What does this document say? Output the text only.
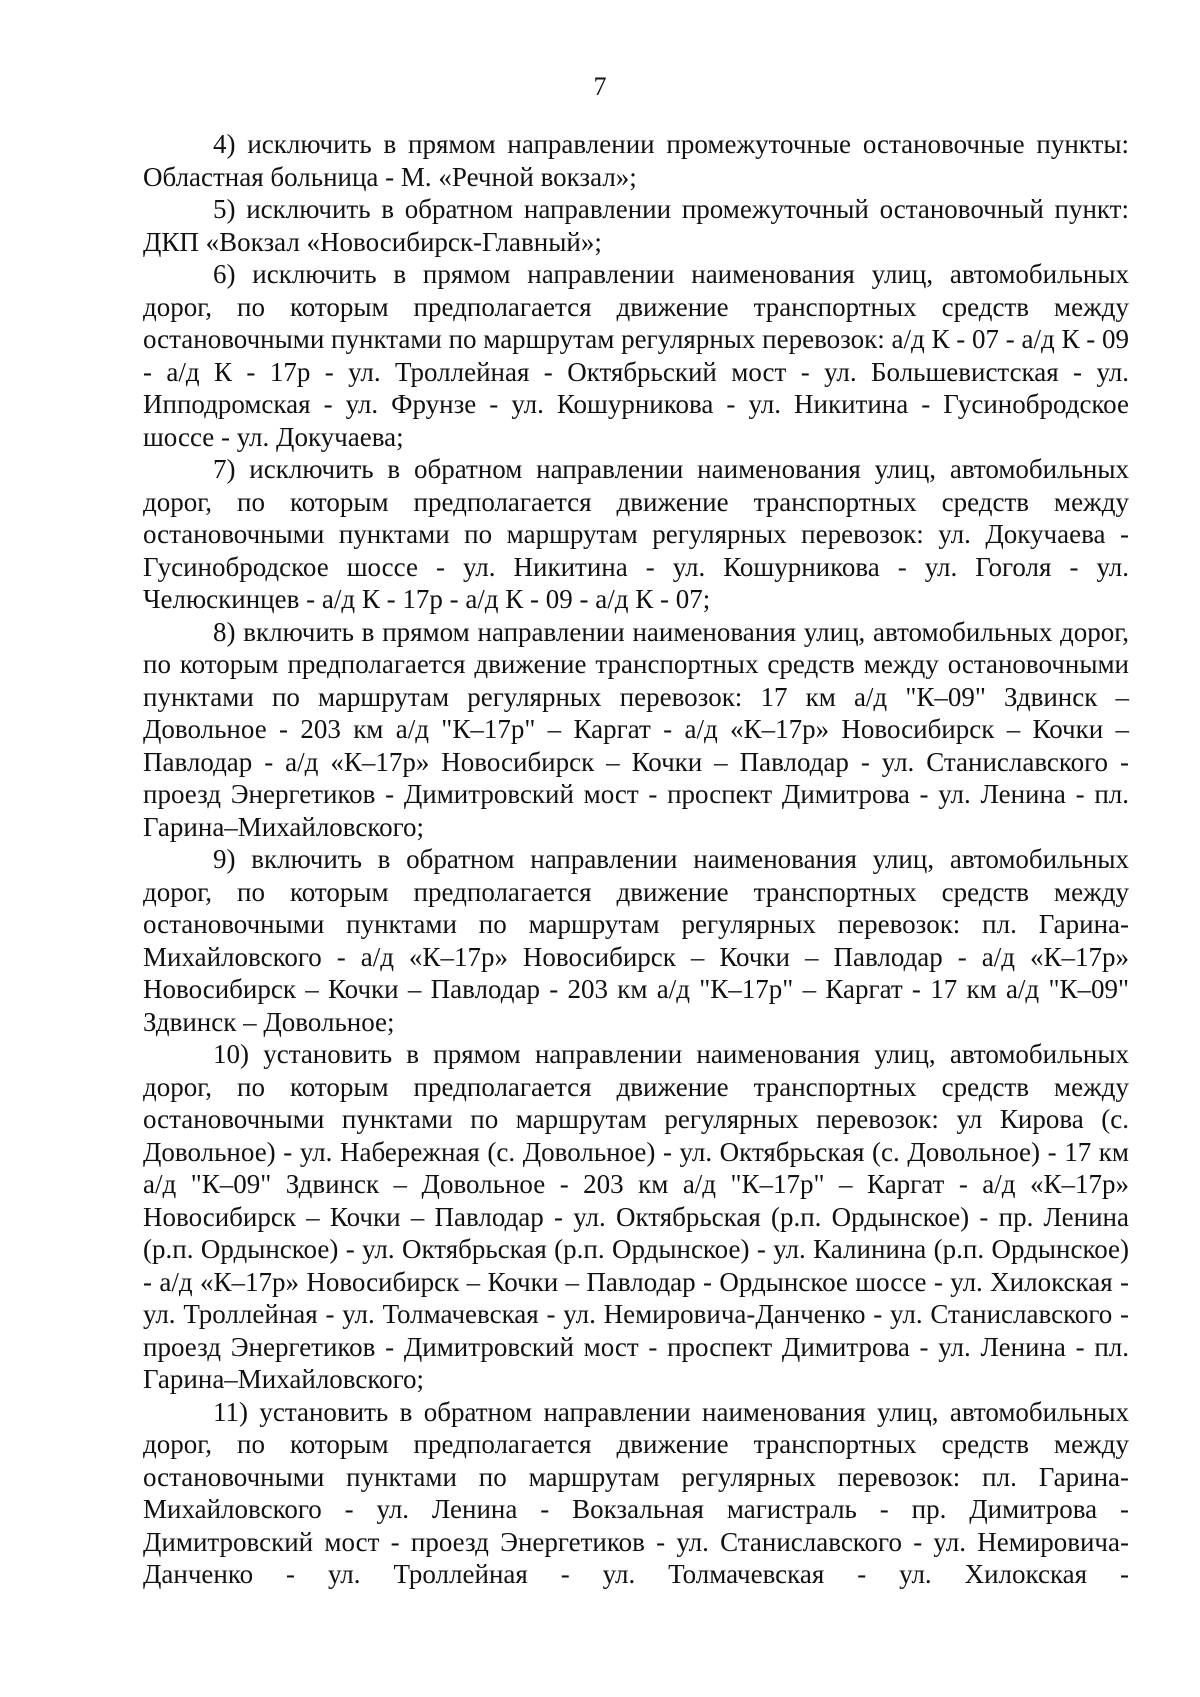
7

4) исключить в прямом направлении промежуточные остановочные пункты: Областная больница - М. «Речной вокзал»;

5) исключить в обратном направлении промежуточный остановочный пункт: ДКП «Вокзал «Новосибирск-Главный»;

6) исключить в прямом направлении наименования улиц, автомобильных дорог, по которым предполагается движение транспортных средств между остановочными пунктами по маршрутам регулярных перевозок: а/д К - 07 - а/д К - 09 - а/д К - 17р - ул. Троллейная - Октябрьский мост - ул. Большевистская - ул. Ипподромская - ул. Фрунзе - ул. Кошурникова - ул. Никитина - Гусинобродское шоссе - ул. Докучаева;

7) исключить в обратном направлении наименования улиц, автомобильных дорог, по которым предполагается движение транспортных средств между остановочными пунктами по маршрутам регулярных перевозок: ул. Докучаева - Гусинобродское шоссе - ул. Никитина - ул. Кошурникова - ул. Гоголя - ул. Челюскинцев - а/д К - 17р - а/д К - 09 - а/д К - 07;

8) включить в прямом направлении наименования улиц, автомобильных дорог, по которым предполагается движение транспортных средств между остановочными пунктами по маршрутам регулярных перевозок: 17 км а/д "К–09" Здвинск – Довольное - 203 км а/д "К–17р" – Каргат - а/д «К–17р» Новосибирск – Кочки – Павлодар - а/д «К–17р» Новосибирск – Кочки – Павлодар - ул. Станиславского - проезд Энергетиков - Димитровский мост - проспект Димитрова - ул. Ленина - пл. Гарина–Михайловского;

9) включить в обратном направлении наименования улиц, автомобильных дорог, по которым предполагается движение транспортных средств между остановочными пунктами по маршрутам регулярных перевозок: пл. Гарина-Михайловского - а/д «К–17р» Новосибирск – Кочки – Павлодар - а/д «К–17р» Новосибирск – Кочки – Павлодар - 203 км а/д "К–17р" – Каргат - 17 км а/д "К–09" Здвинск – Довольное;

10) установить в прямом направлении наименования улиц, автомобильных дорог, по которым предполагается движение транспортных средств между остановочными пунктами по маршрутам регулярных перевозок: ул Кирова (с. Довольное) - ул. Набережная (с. Довольное) - ул. Октябрьская (с. Довольное) - 17 км а/д "К–09" Здвинск – Довольное - 203 км а/д "К–17р" – Каргат - а/д «К–17р» Новосибирск – Кочки – Павлодар - ул. Октябрьская (р.п. Ордынское) - пр. Ленина (р.п. Ордынское) - ул. Октябрьская (р.п. Ордынское) - ул. Калинина (р.п. Ордынское) - а/д «К–17р» Новосибирск – Кочки – Павлодар - Ордынское шоссе - ул. Хилокская - ул. Троллейная - ул. Толмачевская - ул. Немировича-Данченко - ул. Станиславского - проезд Энергетиков - Димитровский мост - проспект Димитрова - ул. Ленина - пл. Гарина–Михайловского;

11) установить в обратном направлении наименования улиц, автомобильных дорог, по которым предполагается движение транспортных средств между остановочными пунктами по маршрутам регулярных перевозок: пл. Гарина-Михайловского - ул. Ленина - Вокзальная магистраль - пр. Димитрова - Димитровский мост - проезд Энергетиков - ул. Станиславского - ул. Немировича-Данченко - ул. Троллейная - ул. Толмачевская - ул. Хилокская -
